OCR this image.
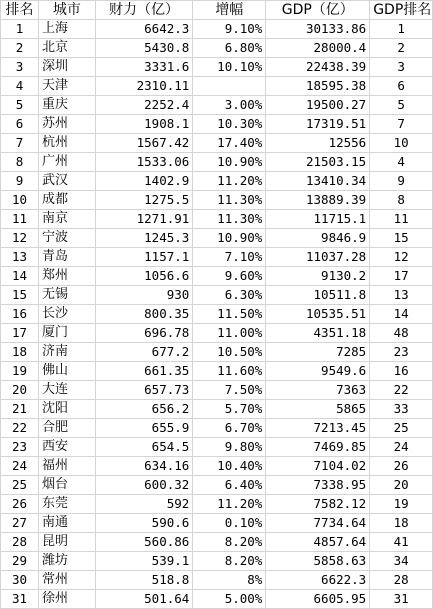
排名	城市	财力（亿）	增幅	GDP（亿）	GDP排名
1	上海	6642.3	9.10%	30133.86	1
2	北京	5430.8	6.80%	28000.4	2
3	深圳	3331.6	10.10%	22438.39	3
4	天津	2310.11		18595.38	6
5	重庆	2252.4	3.00%	19500.27	5
6	苏州	1908.1	10.30%	17319.51	7
7	杭州	1567.42	17.40%	12556	10
8	广州	1533.06	10.90%	21503.15	4
9	武汉	1402.9	11.20%	13410.34	9
10	成都	1275.5	11.30%	13889.39	8
11	南京	1271.91	11.30%	11715.1	11
12	宁波	1245.3	10.90%	9846.9	15
13	青岛	1157.1	7.10%	11037.28	12
14	郑州	1056.6	9.60%	9130.2	17
15	无锡	930	6.30%	10511.8	13
16	长沙	800.35	11.50%	10535.51	14
17	厦门	696.78	11.00%	4351.18	48
18	济南	677.2	10.50%	7285	23
19	佛山	661.35	11.60%	9549.6	16
20	大连	657.73	7.50%	7363	22
21	沈阳	656.2	5.70%	5865	33
22	合肥	655.9	6.70%	7213.45	25
23	西安	654.5	9.80%	7469.85	24
24	福州	634.16	10.40%	7104.02	26
25	烟台	600.32	6.40%	7338.95	20
26	东莞	592	11.20%	7582.12	19
27	南通	590.6	0.10%	7734.64	18
28	昆明	560.86	8.20%	4857.64	41
29	潍坊	539.1	8.20%	5858.63	34
30	常州	518.8	8%	6622.3	28
31	徐州	501.64	5.00%	6605.95	31
